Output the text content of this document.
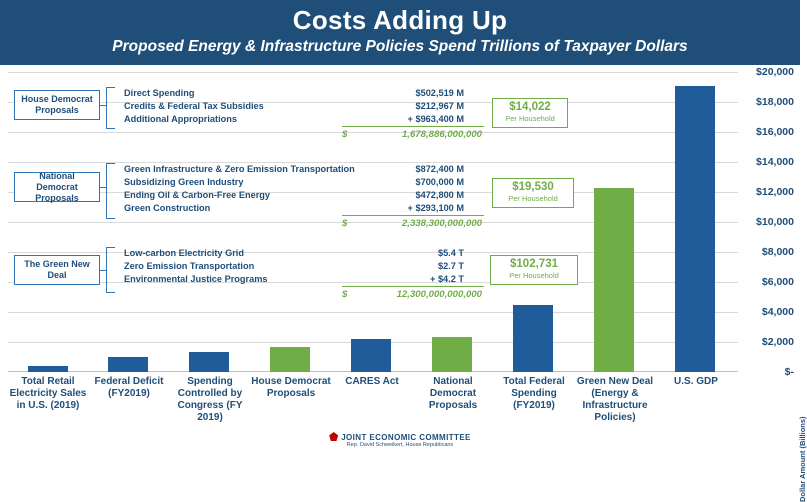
Costs Adding Up
Proposed Energy & Infrastructure Policies Spend Trillions of Taxpayer Dollars
$-
$2,000
$4,000
$6,000
$8,000
$10,000
$12,000
$14,000
$16,000
$18,000
$20,000
Dollar Amount (Billions)
Total Retail Electricity Sales in U.S. (2019)
Federal Deficit (FY2019)
Spending Controlled by Congress (FY 2019)
House Democrat Proposals
CARES Act	National Democrat Proposals
Total Federal Spending (FY2019)
Green New Deal (Energy & Infrastructure Policies)
U.S. GDP
House Democrat Proposals
Direct Spending	$502,519 M
Credits & Federal Tax Subsidies	$212,967 M
Additional Appropriations	+ $963,400 M
$	1,678,886,000,000
$14,022
Per Household
National Democrat Proposals
Green Infrastructure & Zero Emission Transportation	$872,400 M
Subsidizing Green Industry	$700,000 M
Ending Oil & Carbon-Free Energy	$472,800 M
Green Construction	+ $293,100 M
$	2,338,300,000,000
$19,530
Per Household
The Green New Deal
Low-carbon Electricity Grid	$5.4 T
Zero Emission Transportation	$2.7 T
Environmental Justice Programs	+ $4.2 T
$	12,300,000,000,000
$102,731
Per Household
JOINT ECONOMIC COMMITTEE
Rep. David Schweikert, House Republicans
